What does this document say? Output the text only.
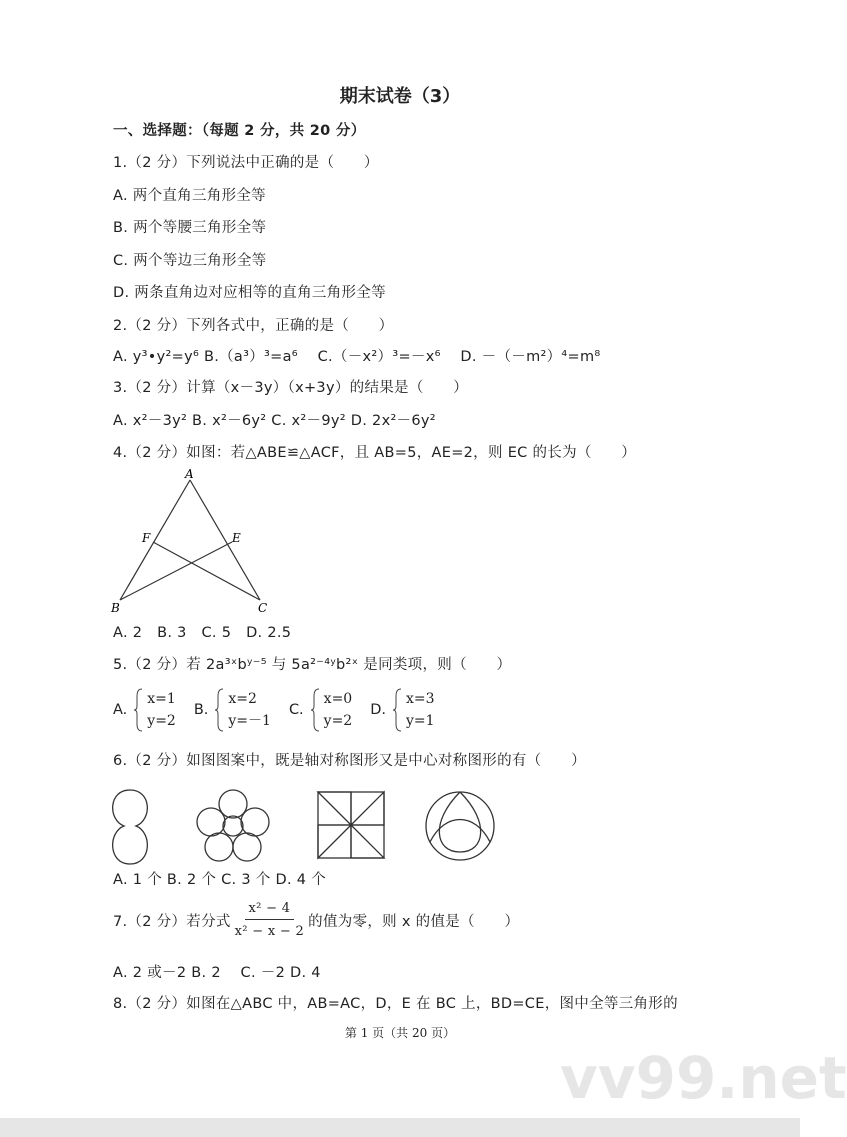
期末试卷（3）
一、选择题：（每题 2 分，共 20 分）
1.（2 分）下列说法中正确的是（　　）
A. 两个直角三角形全等
B. 两个等腰三角形全等
C. 两个等边三角形全等
D. 两条直角边对应相等的直角三角形全等
2.（2 分）下列各式中，正确的是（　　）
A. y³•y²=y⁶ B.（a³）³=a⁶　 C.（－x²）³=－x⁶　 D. －（－m²）⁴=m⁸
3.（2 分）计算（x－3y）（x+3y）的结果是（　　）
A. x²－3y² B. x²－6y² C. x²－9y² D. 2x²－6y²
4.（2 分）如图：若△ABE≌△ACF，且 AB=5，AE=2，则 EC 的长为（　　）
A
F	E
B	C
A. 2　B. 3　C. 5　D. 2.5
5.（2 分）若 2a³ˣbʸ⁻⁵ 与 5a²⁻⁴ʸb²ˣ 是同类项，则（　　）
A.
x=1
y=2
B.
x=2
y=－1
C.
x=0
y=2
D.
x=3
y=1
6.（2 分）如图图案中，既是轴对称图形又是中心对称图形的有（　　）
A. 1 个 B. 2 个 C. 3 个 D. 4 个
7.（2 分）若分式 $\frac{\text{x² − 4}}{\text{x² − x − 2}}$ 的值为零，则 x 的值是（　　）
A. 2 或－2 B. 2　 C. －2 D. 4
8.（2 分）如图在△ABC 中，AB=AC，D，E 在 BC 上，BD=CE，图中全等三角形的
第 1 页（共 20 页）
vv99.net
